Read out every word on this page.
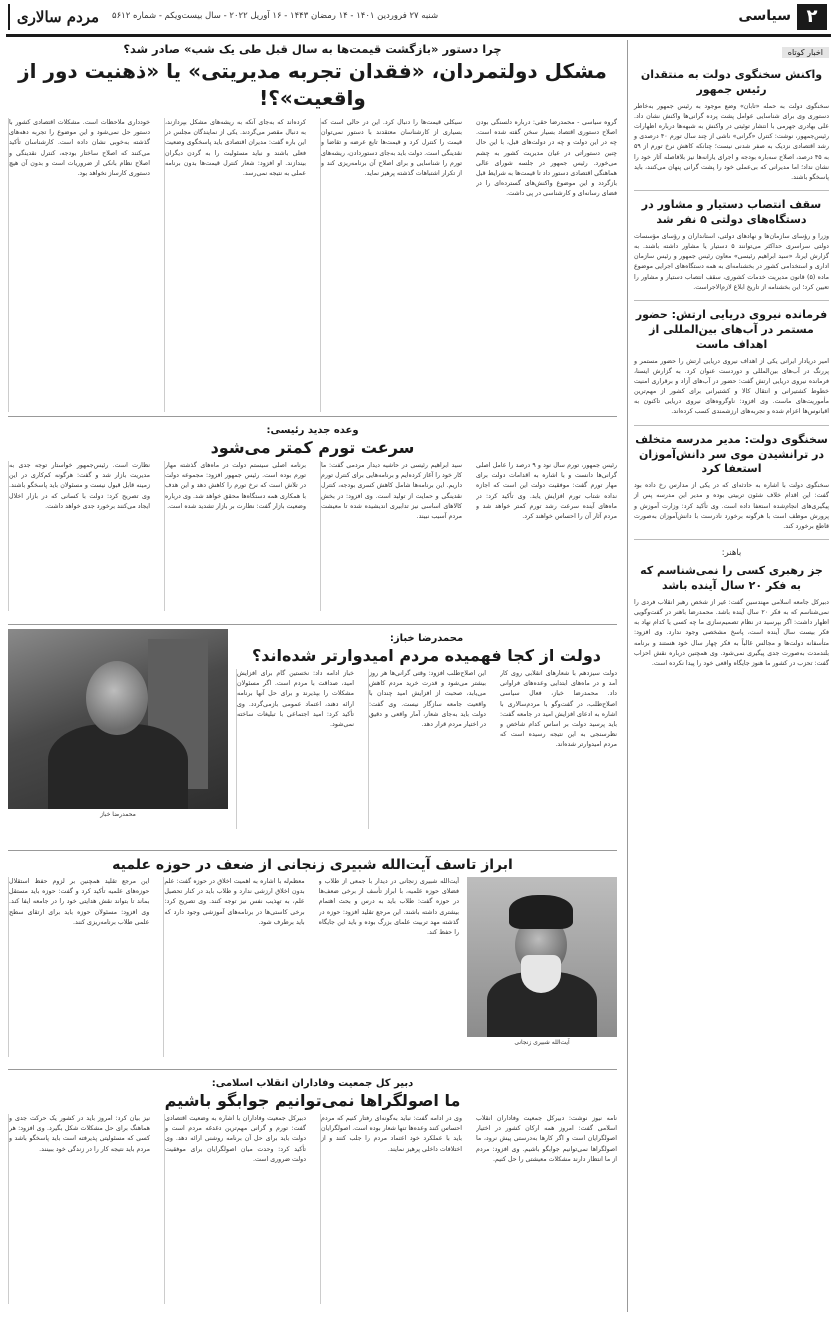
۲
سیاسی
شنبه ۲۷ فروردین ۱۴۰۱ - ۱۴ رمضان ۱۴۴۳ - ۱۶ آوریل ۲۰۲۲ - سال بیست‌و‌یکم - شماره ۵۶۱۲
مردم سالاری
اخبار کوتاه
واکنش سخنگوی دولت به منتقدان رئیس جمهور

سخنگوی دولت به حمله «تابان» وضع موجود به رئیس جمهور به‌خاطر دستوری وی برای شناسایی عوامل پشت پرده گرانی‌ها واکنش نشان داد. علی بهادری جهرمی با انتشار توئیتی در واکنش به شبهه‌ها درباره اظهارات رئیس‌جمهور، نوشت: کنترل «گرانی» ناشی از چند سال تورم ۴۰ درصدی و رشد اقتصادی نزدیک به صفر شدنی نیست؛ چنانکه کاهش نرخ تورم از ۵۹ به ۴۵ درصد، اصلاح سه‌باره بودجه و اجرای یارانه‌ها نیز بلافاصله آثار خود را نشان نداد؛ اما مدیرانی که بی‌عملی خود را پشت گرانی پنهان می‌کنند، باید پاسخگو باشند.

سقف انتصاب دستیار و مشاور در دستگاه‌های دولتی ۵ نفر شد

وزرا و رؤسای سازمان‌ها و نهادهای دولتی، استانداران و رؤسای مؤسسات دولتی سراسری حداکثر می‌توانند ۵ دستیار یا مشاور داشته باشند. به گزارش ایرنا، «سید ابراهیم رئیسی» معاون رئیس جمهور و رئیس سازمان اداری و استخدامی کشور در بخشنامه‌ای به همه دستگاه‌های اجرایی موضوع ماده (۵) قانون مدیریت خدمات کشوری، سقف انتصاب دستیار و مشاور را تعیین کرد؛ این بخشنامه از تاریخ ابلاغ لازم‌الاجراست.

فرمانده نیروی دریایی ارتش: حضور مستمر در آب‌های بین‌المللی از اهداف ماست

امیر دریادار ایرانی یکی از اهداف نیروی دریایی ارتش را حضور مستمر و پررنگ در آب‌های بین‌المللی و دوردست عنوان کرد. به گزارش ایسنا، فرمانده نیروی دریایی ارتش گفت: حضور در آب‌های آزاد و برقراری امنیت خطوط کشتیرانی و انتقال کالا و کشتیرانی برای کشور از مهم‌ترین مأموریت‌های ماست. وی افزود: ناوگروه‌های نیروی دریایی تاکنون به اقیانوس‌ها اعزام شده و تجربه‌های ارزشمندی کسب کرده‌اند.

سخنگوی دولت: مدیر مدرسه متخلف در ترانشیدن موی سر دانش‌آموزان استعفا کرد

سخنگوی دولت با اشاره به حادثه‌ای که در یکی از مدارس رخ داده بود گفت: این اقدام خلاف شئون تربیتی بوده و مدیر این مدرسه پس از پیگیری‌های انجام‌شده استعفا داده است. وی تأکید کرد: وزارت آموزش و پرورش موظف است با هرگونه برخورد نادرست با دانش‌آموزان به‌صورت قاطع برخورد کند.

باهنر:
جز رهبری کسی را نمی‌شناسم که به فکر ۲۰ سال آینده باشد

دبیرکل جامعه اسلامی مهندسین گفت: غیر از شخص رهبر انقلاب فردی را نمی‌شناسم که به فکر ۲۰ سال آینده باشد. محمدرضا باهنر در گفت‌وگویی اظهار داشت: اگر بپرسید در نظام تصمیم‌سازی ما چه کسی یا کدام نهاد به فکر بیست سال آینده است، پاسخ مشخصی وجود ندارد. وی افزود: متأسفانه دولت‌ها و مجالس غالباً به فکر چهار سال خود هستند و برنامه بلندمدت به‌صورت جدی پیگیری نمی‌شود. وی همچنین درباره نقش احزاب گفت: تحزب در کشور ما هنوز جایگاه واقعی خود را پیدا نکرده است.

چرا دستور «بازگشت قیمت‌ها به سال قبل طی یک شب» صادر شد؟
مشکل دولتمردان، «فقدان تجربه مدیریتی» یا «ذهنیت دور از واقعیت»؟!

گروه سیاسی - محمدرضا حقی: درباره دلسنگی بودن اصلاح دستوری اقتصاد بسیار سخن گفته شده است. چه در این دولت و چه در دولت‌های قبل، با این حال چنین دستوراتی در عیان مدیریت کشور به چشم می‌خورد. رئیس جمهور در جلسه شورای عالی هماهنگی اقتصادی دستور داد تا قیمت‌ها به شرایط قبل بازگردد و این موضوع واکنش‌های گسترده‌ای را در فضای رسانه‌ای و کارشناسی در پی داشت.

سیکلی قیمت‌ها را دنبال کرد. این در حالی است که بسیاری از کارشناسان معتقدند با دستور نمی‌توان قیمت را کنترل کرد و قیمت‌ها تابع عرضه و تقاضا و نقدینگی است. دولت باید به‌جای دستوردادن، ریشه‌های تورم را شناسایی و برای اصلاح آن برنامه‌ریزی کند و از تکرار اشتباهات گذشته پرهیز نماید.

کرده‌اند که به‌جای آنکه به ریشه‌های مشکل بپردازند، به دنبال مقصر می‌گردند. یکی از نمایندگان مجلس در این باره گفت: مدیران اقتصادی باید پاسخگوی وضعیت فعلی باشند و نباید مسئولیت را به گردن دیگران بیندازند. او افزود: شعار کنترل قیمت‌ها بدون برنامه عملی به نتیجه نمی‌رسد.

خودداری ملاحظات است. مشکلات اقتصادی کشور با دستور حل نمی‌شود و این موضوع را تجربه دهه‌های گذشته به‌خوبی نشان داده است. کارشناسان تأکید می‌کنند که اصلاح ساختار بودجه، کنترل نقدینگی و اصلاح نظام بانکی از ضروریات است و بدون آن هیچ دستوری کارساز نخواهد بود.

وعده جدید رئیسی:
سرعت تورم کمتر می‌شود

رئیس جمهور، تورم سال نود و ۹ درصد را عامل اصلی گرانی‌ها دانست و با اشاره به اقدامات دولت برای مهار تورم گفت: موفقیت دولت این است که اجازه نداده شتاب تورم افزایش یابد. وی تأکید کرد: در ماه‌های آینده سرعت رشد تورم کمتر خواهد شد و مردم آثار آن را احساس خواهند کرد.

سید ابراهیم رئیسی در حاشیه دیدار مردمی گفت: ما کار خود را آغاز کرده‌ایم و برنامه‌هایی برای کنترل تورم داریم. این برنامه‌ها شامل کاهش کسری بودجه، کنترل نقدینگی و حمایت از تولید است. وی افزود: در بخش کالاهای اساسی نیز تدابیری اندیشیده شده تا معیشت مردم آسیب نبیند.

برنامه اصلی سیستم دولت در ماه‌های گذشته مهار تورم بوده است. رئیس جمهور افزود: مجموعه دولت در تلاش است که نرخ تورم را کاهش دهد و این هدف با همکاری همه دستگاه‌ها محقق خواهد شد. وی درباره وضعیت بازار گفت: نظارت بر بازار تشدید شده است.

نظارت است. رئیس‌جمهور خواستار توجه جدی به مدیریت بازار شد و گفت: هرگونه کم‌کاری در این زمینه قابل قبول نیست و مسئولان باید پاسخگو باشند. وی تصریح کرد: دولت با کسانی که در بازار اخلال ایجاد می‌کنند برخورد جدی خواهد داشت.

محمدرضا خباز
محمدرضا خباز:
دولت از کجا فهمیده مردم امیدوارتر شده‌اند؟

دولت سیزدهم با شعارهای انقلابی روی کار آمد و در ماه‌های ابتدایی وعده‌های فراوانی داد. محمدرضا خباز، فعال سیاسی اصلاح‌طلب، در گفت‌وگو با مردم‌سالاری با اشاره به ادعای افزایش امید در جامعه گفت: باید پرسید دولت بر اساس کدام شاخص و نظرسنجی به این نتیجه رسیده است که مردم امیدوارتر شده‌اند.

این اصلاح‌طلب افزود: وقتی گرانی‌ها هر روز بیشتر می‌شود و قدرت خرید مردم کاهش می‌یابد، صحبت از افزایش امید چندان با واقعیت جامعه سازگار نیست. وی گفت: دولت باید به‌جای شعار، آمار واقعی و دقیق در اختیار مردم قرار دهد.

خباز ادامه داد: نخستین گام برای افزایش امید، صداقت با مردم است. اگر مسئولان مشکلات را بپذیرند و برای حل آنها برنامه ارائه دهند، اعتماد عمومی بازمی‌گردد. وی تأکید کرد: امید اجتماعی با تبلیغات ساخته نمی‌شود.

ابراز تاسف آیت‌الله شبیری زنجانی از ضعف در حوزه علمیه
آیت‌الله شبیری زنجانی

آیت‌الله شبیری زنجانی در دیدار با جمعی از طلاب و فضلای حوزه علمیه، با ابراز تأسف از برخی ضعف‌ها در حوزه گفت: طلاب باید به درس و بحث اهتمام بیشتری داشته باشند. این مرجع تقلید افزود: حوزه در گذشته مهد تربیت علمای بزرگ بوده و باید این جایگاه را حفظ کند.

معظم‌له با اشاره به اهمیت اخلاق در حوزه گفت: علم بدون اخلاق ارزشی ندارد و طلاب باید در کنار تحصیل علم، به تهذیب نفس نیز توجه کنند. وی تصریح کرد: برخی کاستی‌ها در برنامه‌های آموزشی وجود دارد که باید برطرف شود.

این مرجع تقلید همچنین بر لزوم حفظ استقلال حوزه‌های علمیه تأکید کرد و گفت: حوزه باید مستقل بماند تا بتواند نقش هدایتی خود را در جامعه ایفا کند. وی افزود: مسئولان حوزه باید برای ارتقای سطح علمی طلاب برنامه‌ریزی کنند.

دبیر کل جمعیت وفاداران انقلاب اسلامی:
ما اصولگراها نمی‌توانیم جوابگو باشیم

نامه نیوز نوشت: دبیرکل جمعیت وفاداران انقلاب اسلامی گفت: امروز همه ارکان کشور در اختیار اصولگرایان است و اگر کارها به‌درستی پیش نرود، ما اصولگراها نمی‌توانیم جوابگو باشیم. وی افزود: مردم از ما انتظار دارند مشکلات معیشتی را حل کنیم.

وی در ادامه گفت: نباید به‌گونه‌ای رفتار کنیم که مردم احساس کنند وعده‌ها تنها شعار بوده است. اصولگرایان باید با عملکرد خود اعتماد مردم را جلب کنند و از اختلافات داخلی پرهیز نمایند.

دبیرکل جمعیت وفاداران با اشاره به وضعیت اقتصادی گفت: تورم و گرانی مهم‌ترین دغدغه مردم است و دولت باید برای حل آن برنامه روشنی ارائه دهد. وی تأکید کرد: وحدت میان اصولگرایان برای موفقیت دولت ضروری است.

نیز بیان کرد: امروز باید در کشور یک حرکت جدی و هماهنگ برای حل مشکلات شکل بگیرد. وی افزود: هر کسی که مسئولیتی پذیرفته است باید پاسخگو باشد و مردم باید نتیجه کار را در زندگی خود ببینند.
